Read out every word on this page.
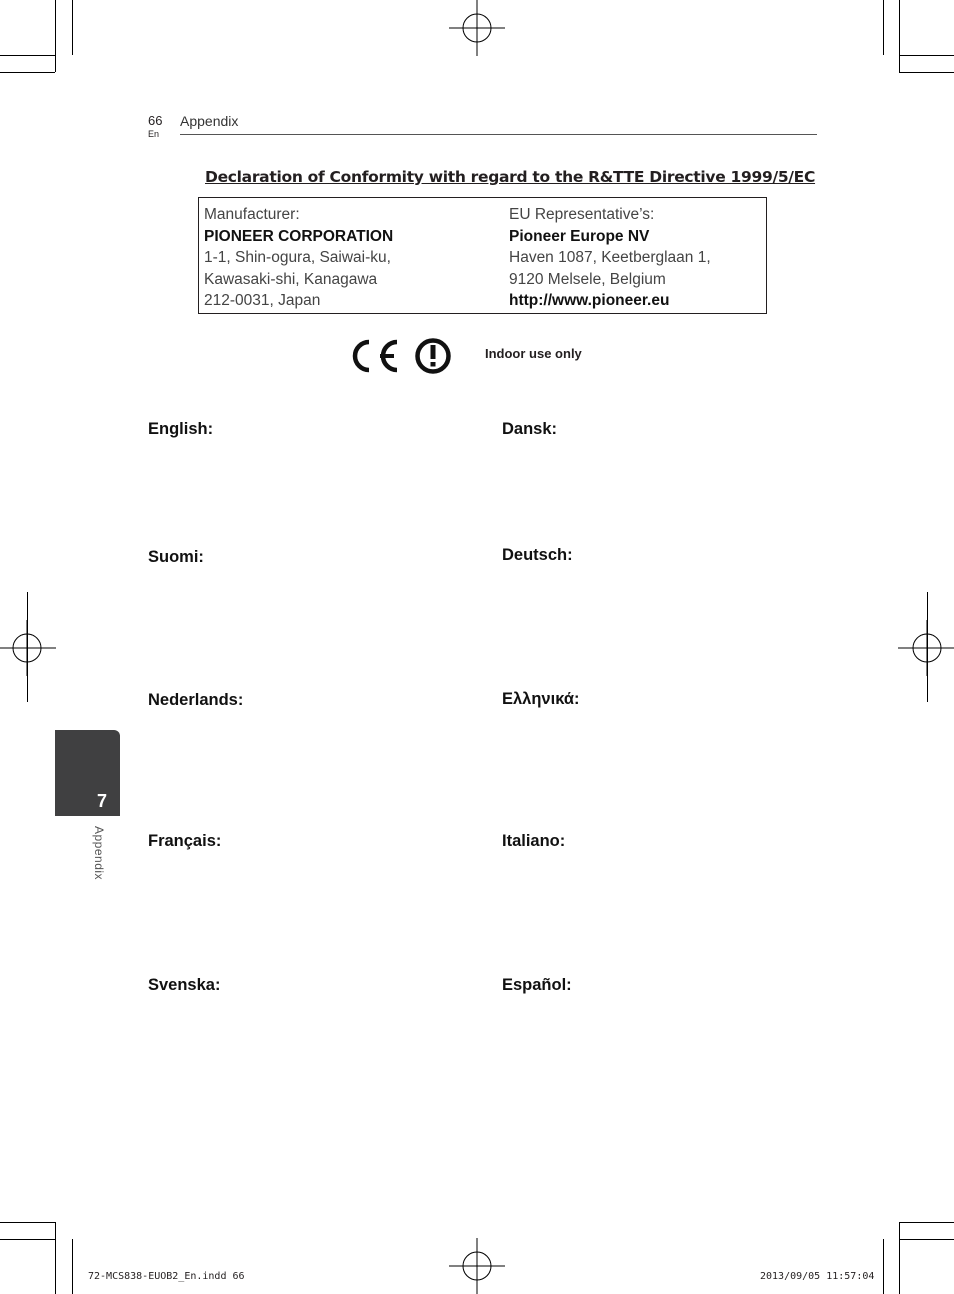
66
En
Appendix
Declaration of Conformity with regard to the R&TTE Directive 1999/5/EC
Manufacturer:
PIONEER CORPORATION
1-1, Shin-ogura, Saiwai-ku,
Kawasaki-shi, Kanagawa
212-0031, Japan
EU Representative’s:
Pioneer Europe NV
Haven 1087, Keetberglaan 1,
9120 Melsele, Belgium
http://www.pioneer.eu
Indoor use only
English:	Dansk:
Suomi:	Deutsch:
Nederlands:	Ελληνικά:
Français:	Italiano:
Svenska:	Español:
7
Appendix
72-MCS838-EUOB2_En.indd 66	2013/09/05 11:57:04
